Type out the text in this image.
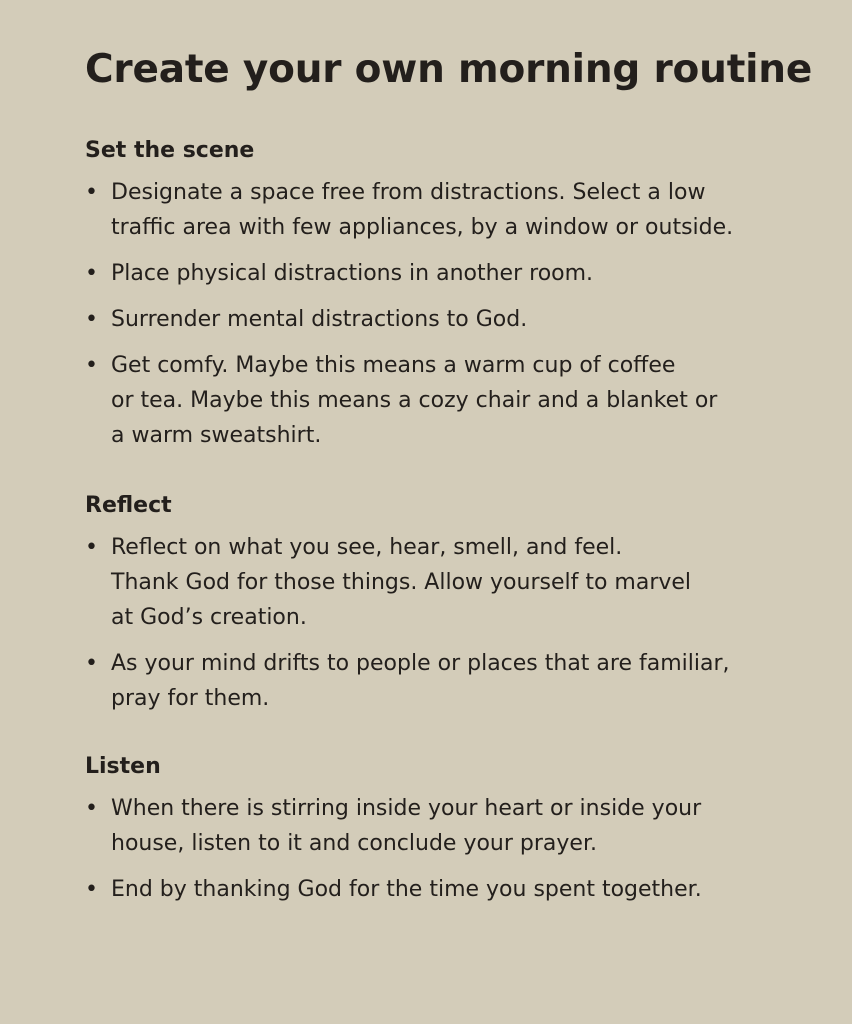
Create your own morning routine
Set the scene
• Designate a space free from distractions. Select a low
traffic area with few appliances, by a window or outside.
• Place physical distractions in another room.
• Surrender mental distractions to God.
• Get comfy. Maybe this means a warm cup of coffee
or tea. Maybe this means a cozy chair and a blanket or
a warm sweatshirt.
Reflect
• Reflect on what you see, hear, smell, and feel.
Thank God for those things. Allow yourself to marvel
at God’s creation.
• As your mind drifts to people or places that are familiar,
pray for them.
Listen
• When there is stirring inside your heart or inside your
house, listen to it and conclude your prayer.
• End by thanking God for the time you spent together.
